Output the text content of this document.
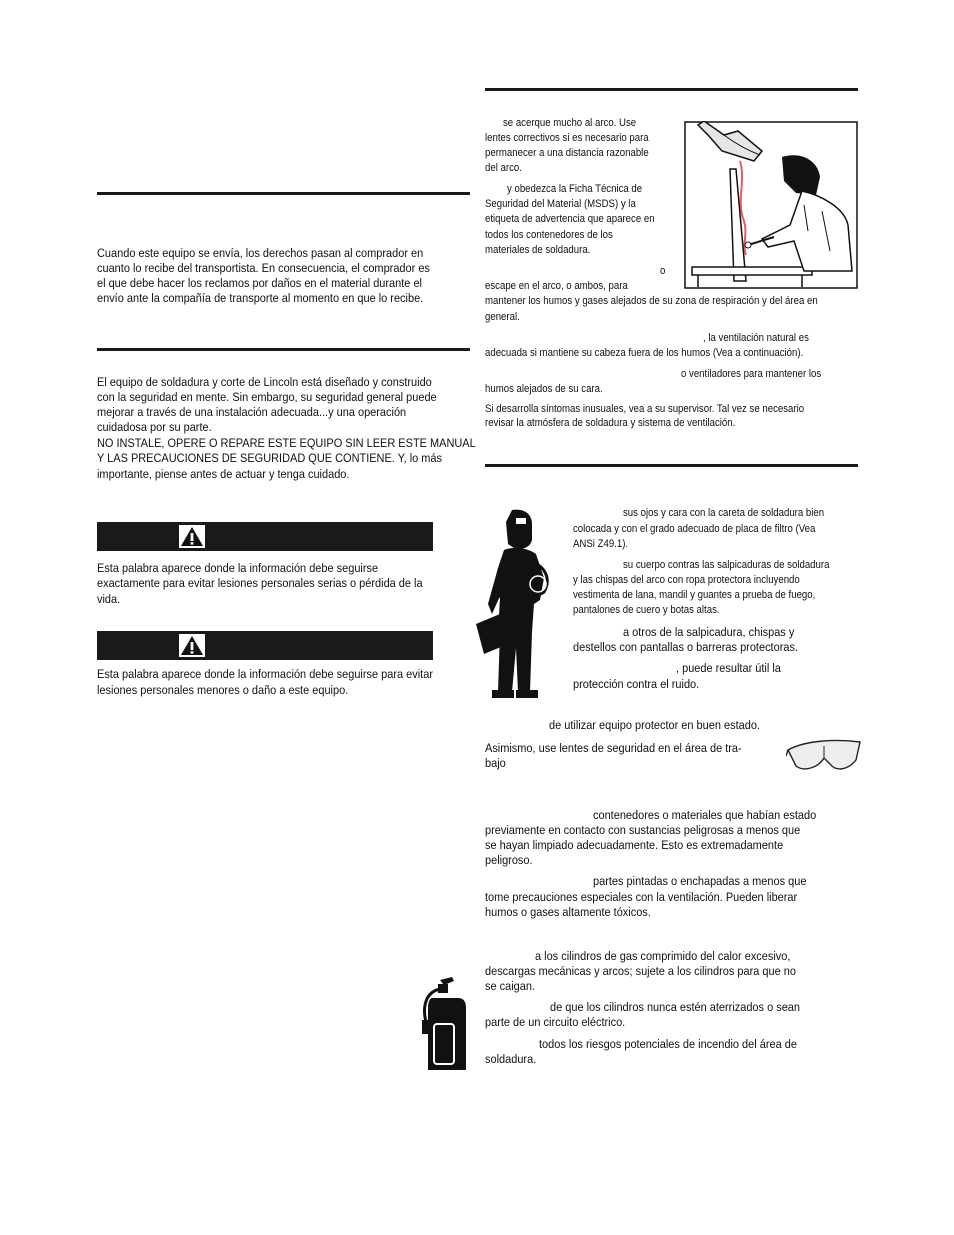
Cuando este equipo se envía, los derechos pasan al comprador en

cuanto lo recibe del transportista. En consecuencia, el comprador es

el que debe hacer los reclamos por daños en el material durante el

envío ante la compañía de transporte al momento en que lo recibe.

El equipo de soldadura y corte de Lincoln está diseñado y construido

con la seguridad en mente. Sin embargo, su seguridad general puede

mejorar a través de una instalación adecuada...y una operación

cuidadosa por su parte.

NO INSTALE, OPERE O REPARE ESTE EQUIPO SIN LEER ESTE MANUAL

Y LAS PRECAUCIONES DE SEGURIDAD QUE CONTIENE. Y, lo más

importante, piense antes de actuar y tenga cuidado.

Esta palabra aparece donde la información debe seguirse

exactamente para evitar lesiones personales serias o pérdida de la

vida.

Esta palabra aparece donde la información debe seguirse para evitar

lesiones personales menores o daño a este equipo.

se acerque mucho al arco. Use

lentes correctivos si es necesario para

permanecer a una distancia razonable

del arco.

y obedezca la Ficha Técnica de

Seguridad del Material (MSDS) y la

etiqueta de advertencia que aparece en

todos los contenedores de los

materiales de soldadura.

o

escape en el arco, o ambos, para

mantener los humos y gases alejados de su zona de respiración y del área en

general.

, la ventilación natural es

adecuada si mantiene su cabeza fuera de los humos (Vea a continuación).

o ventiladores para mantener los

humos alejados de su cara.

Si desarrolla síntomas inusuales, vea a su supervisor. Tal vez se necesario

revisar la atmósfera de soldadura y sistema de ventilación.

sus ojos y cara con la careta de soldadura bien

colocada y con el grado adecuado de placa de filtro (Vea

ANSi Z49.1).

su cuerpo contras las salpicaduras de soldadura

y las chispas del arco con ropa protectora incluyendo

vestimenta de lana, mandil y guantes a prueba de fuego,

pantalones de cuero y botas altas.

a otros de la salpicadura, chispas y

destellos con pantallas o barreras protectoras.

, puede resultar útil la

protección contra el ruido.

de utilizar equipo protector en buen estado.

Asimismo, use lentes de seguridad en el área de tra-

bajo

contenedores o materiales que habían estado

previamente en contacto con sustancias peligrosas a menos que

se hayan limpiado adecuadamente. Esto es extremadamente

peligroso.

partes pintadas o enchapadas a menos que

tome precauciones especiales con la ventilación. Pueden liberar

humos o gases altamente tóxicos.

a los cilindros de gas comprimido del calor excesivo,

descargas mecánicas y arcos; sujete a los cilindros para que no

se caigan.

de que los cilindros nunca estén aterrizados o sean

parte de un circuito eléctrico.

todos los riesgos potenciales de incendio del área de

soldadura.
